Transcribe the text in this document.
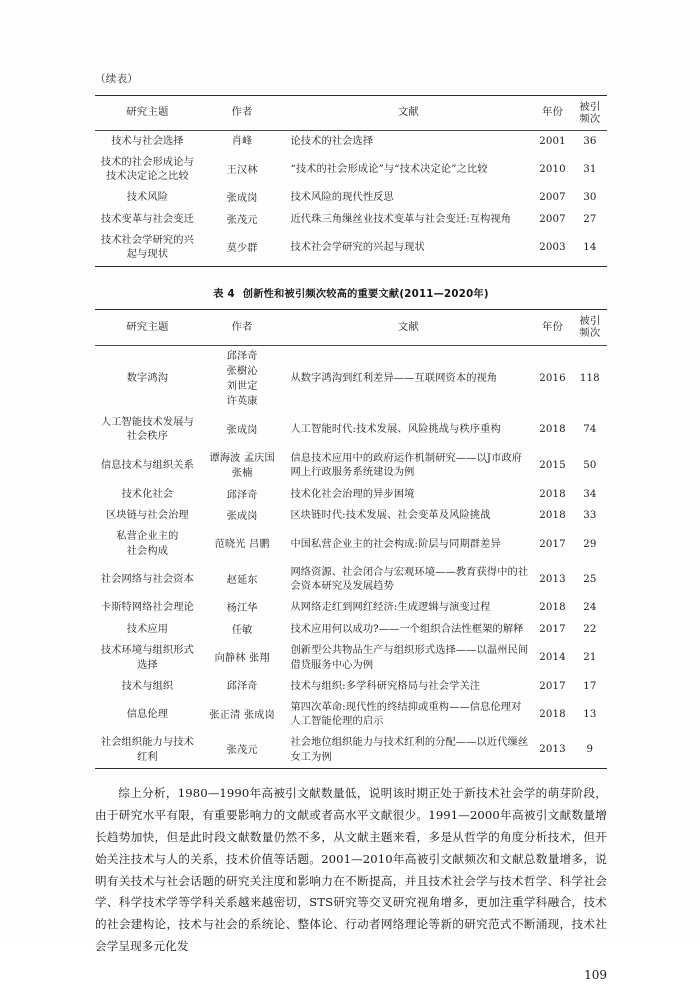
（续表）
研究主题	作者	文献	年份	被引
频次

技术与社会选择	肖峰	论技术的社会选择	2001	36
技术的社会形成论与
技术决定论之比较	王汉林	“技术的社会形成论”与“技术决定论”之比较	2010	31
技术风险	张成岗	技术风险的现代性反思	2007	30
技术变革与社会变迁	张茂元	近代珠三角缫丝业技术变革与社会变迁:互构视角	2007	27
技术社会学研究的兴
起与现状	莫少群	技术社会学研究的兴起与现状	2003	14

表 4 创新性和被引频次较高的重要文献(2011—2020年)
研究主题	作者	文献	年份	被引
频次

数字鸿沟	邱泽奇
张樹沁
刘世定
许英康	从数字鸿沟到红利差异——互联网资本的视角	2016	118
人工智能技术发展与
社会秩序	张成岗	人工智能时代:技术发展、风险挑战与秩序重构	2018	74
信息技术与组织关系	谭海波 孟庆国
张楠	信息技术应用中的政府运作机制研究——以J市政府网上行政服务系统建设为例	2015	50
技术化社会	邱泽奇	技术化社会治理的异步困境	2018	34
区块链与社会治理	张成岗	区块链时代:技术发展、社会变革及风险挑战	2018	33
私营企业主的
社会构成	范晓光 吕鹏	中国私营企业主的社会构成:阶层与同期群差异	2017	29
社会网络与社会资本	赵延东	网络资源、社会闭合与宏观环境——教育获得中的社会资本研究及发展趋势	2013	25
卡斯特网络社会理论	杨江华	从网络走红到网红经济:生成逻辑与演变过程	2018	24
技术应用	任敏	技术应用何以成功?——一个组织合法性框架的解释	2017	22
技术环境与组织形式
选择	向静林 张翔	创新型公共物品生产与组织形式选择——以温州民间借贷服务中心为例	2014	21
技术与组织	邱泽奇	技术与组织:多学科研究格局与社会学关注	2017	17
信息伦理	张正清 张成岗	第四次革命:现代性的终结抑或重构——信息伦理对人工智能伦理的启示	2018	13
社会组织能力与技术
红利	张茂元	社会地位组织能力与技术红利的分配——以近代缫丝女工为例	2013	9

综上分析，1980—1990年高被引文献数量低，说明该时期正处于新技术社会学的萌芽阶段，由于研究水平有限，有重要影响力的文献或者高水平文献很少。1991—2000年高被引文献数量增长趋势加快，但是此时段文献数量仍然不多，从文献主题来看，多是从哲学的角度分析技术，但开始关注技术与人的关系，技术价值等话题。2001—2010年高被引文献频次和文献总数量增多，说明有关技术与社会话题的研究关注度和影响力在不断提高，并且技术社会学与技术哲学、科学社会学、科学技术学等学科关系越来越密切，STS研究等交叉研究视角增多，更加注重学科融合，技术的社会建构论，技术与社会的系统论、整体论、行动者网络理论等新的研究范式不断涌现，技术社会学呈现多元化发

109
